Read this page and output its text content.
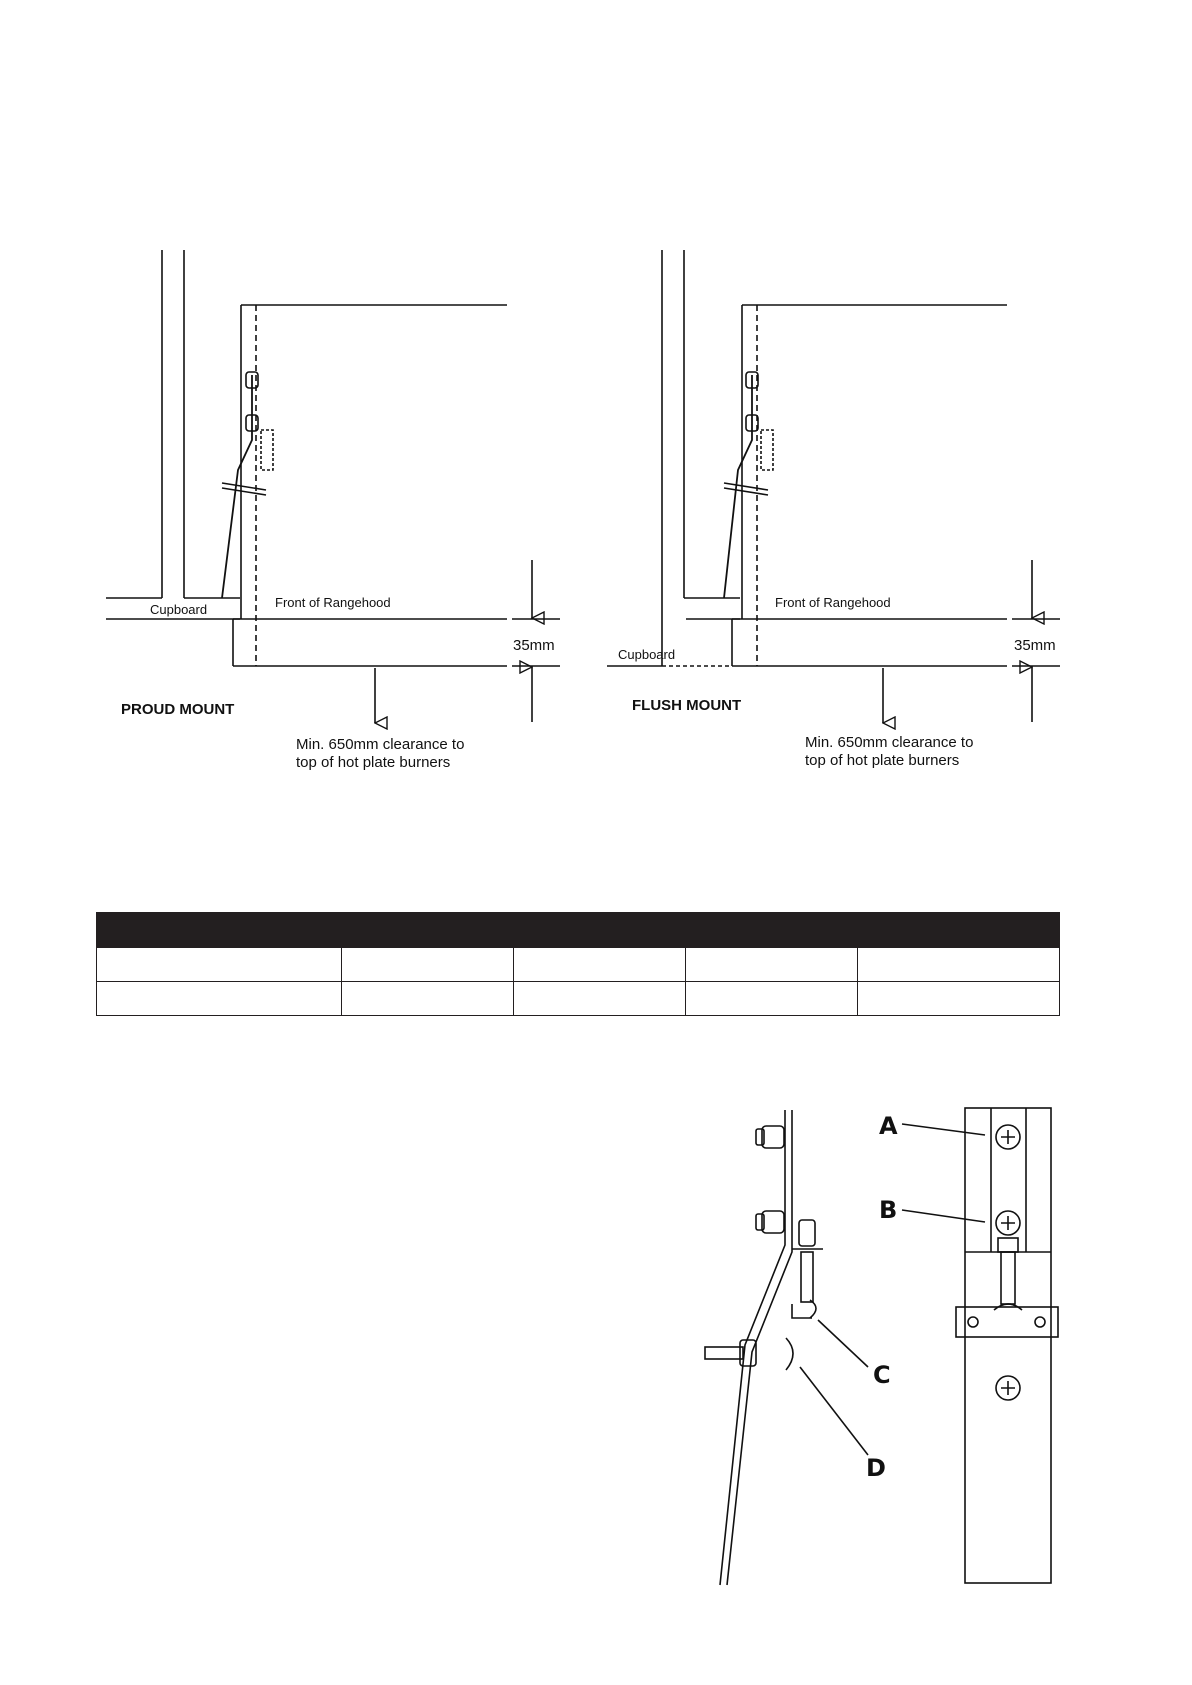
Cupboard	Front of Rangehood
35mm
PROUD MOUNT
Min. 650mm clearance to
top of hot plate burners
Cupboard
Front of Rangehood
35mm
FLUSH MOUNT
Min. 650mm clearance to
top of hot plate burners
C
D
A
B
